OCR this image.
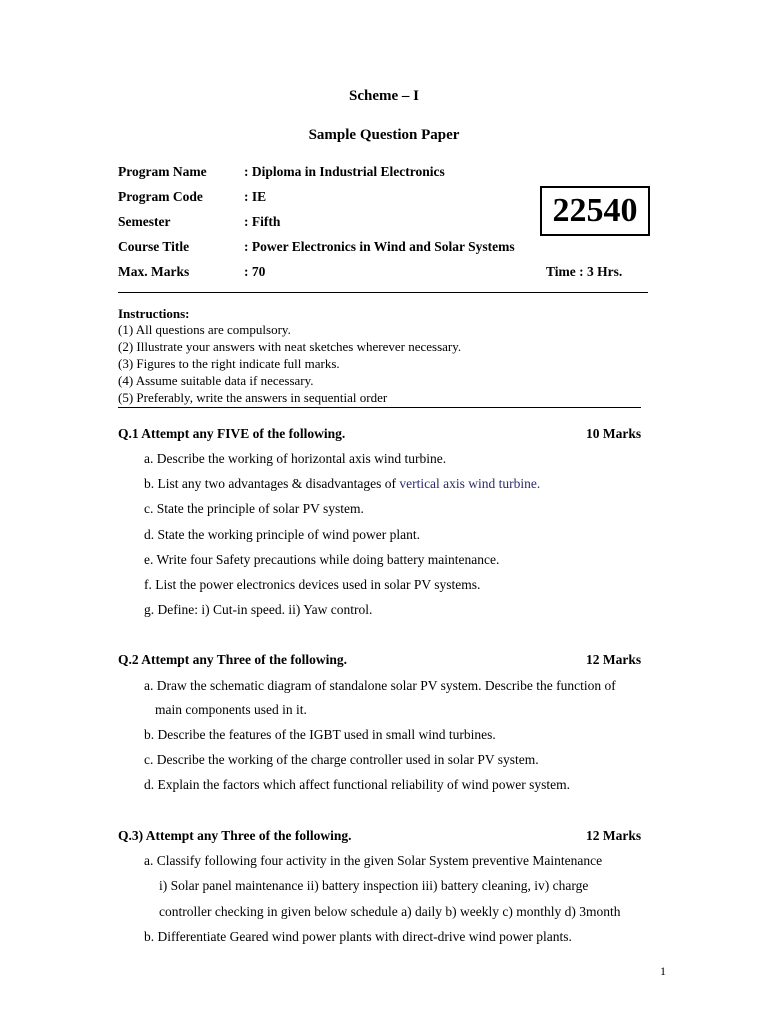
Scheme – I
Sample Question Paper
Program Name	: Diploma in Industrial Electronics
Program Code	: IE
Semester	: Fifth
Course Title	: Power Electronics in Wind and Solar Systems
Max. Marks	: 70	Time : 3 Hrs.
22540
Instructions:
(1) All questions are compulsory.
(2) Illustrate your answers with neat sketches wherever necessary.
(3) Figures to the right indicate full marks.
(4) Assume suitable data if necessary.
(5) Preferably, write the answers in sequential order
Q.1 Attempt any FIVE of the following.	10 Marks
a. Describe the working of horizontal axis wind turbine.
b. List any two advantages & disadvantages of vertical axis wind turbine.
c. State the principle of solar PV system.
d. State the working principle of wind power plant.
e. Write four Safety precautions while doing battery maintenance.
f. List the power electronics devices used in solar PV systems.
g. Define: i) Cut-in speed. ii) Yaw control.
Q.2 Attempt any Three of the following.	12 Marks
a. Draw the schematic diagram of standalone solar PV system. Describe the function of
main components used in it.
b. Describe the features of the IGBT used in small wind turbines.
c. Describe the working of the charge controller used in solar PV system.
d. Explain the factors which affect functional reliability of wind power system.
Q.3) Attempt any Three of the following.	12 Marks
a. Classify following four activity in the given Solar System preventive Maintenance
i) Solar panel maintenance ii) battery inspection iii) battery cleaning, iv) charge
controller checking in given below schedule a) daily b) weekly c) monthly d) 3month
b. Differentiate Geared wind power plants with direct-drive wind power plants.
1
